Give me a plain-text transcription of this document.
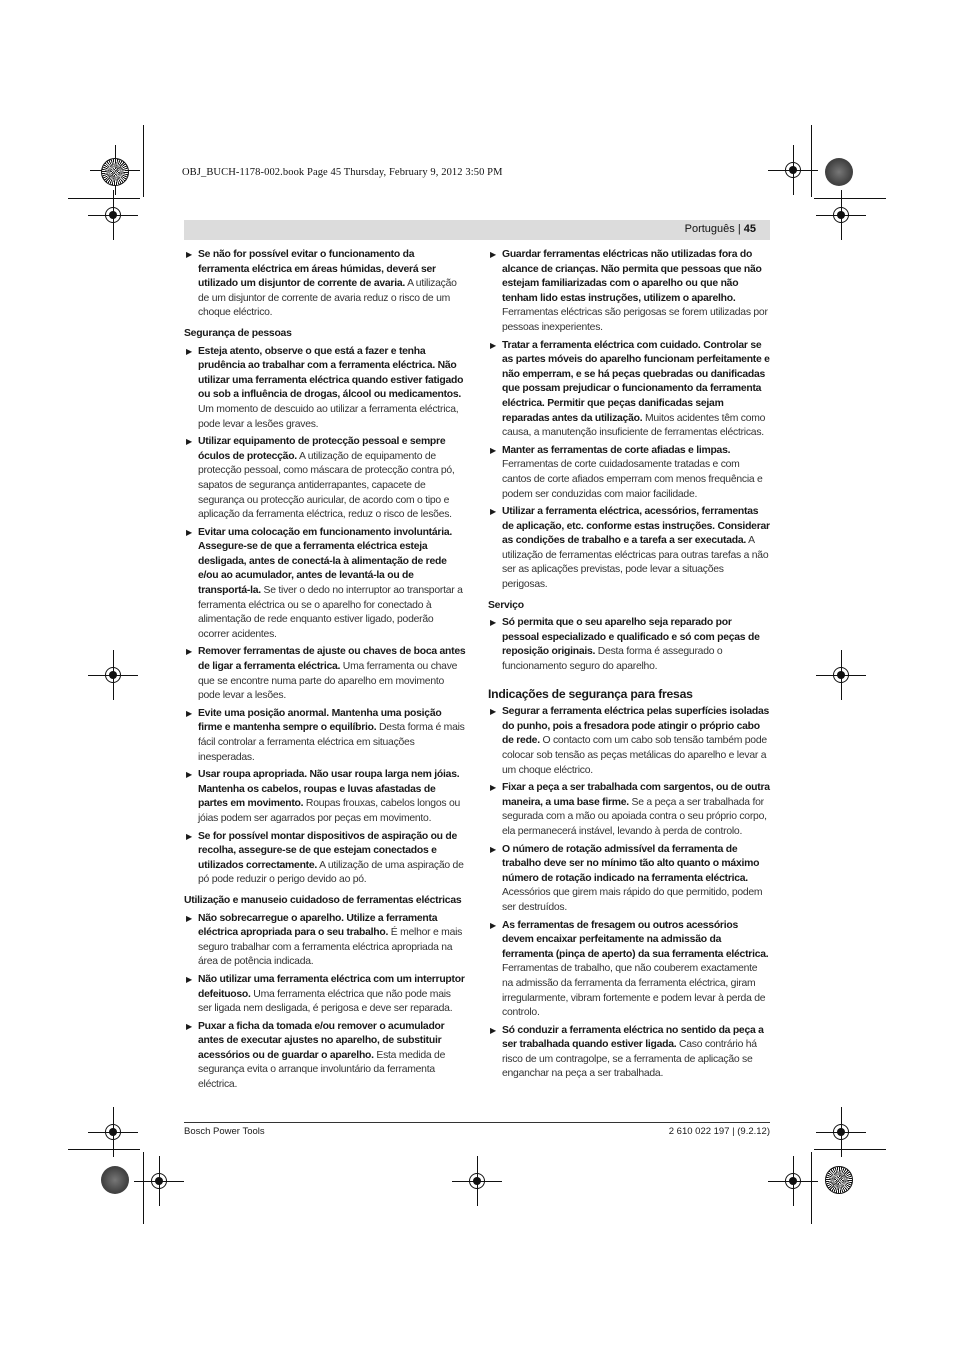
OBJ_BUCH-1178-002.book Page 45 Thursday, February 9, 2012 3:50 PM
Português | 45
▶ Se não for possível evitar o funcionamento da ferramenta eléctrica em áreas húmidas, deverá ser utilizado um disjuntor de corrente de avaria. A utilização de um disjuntor de corrente de avaria reduz o risco de um choque eléctrico.
Segurança de pessoas
▶ Esteja atento, observe o que está a fazer e tenha prudência ao trabalhar com a ferramenta eléctrica. Não utilizar uma ferramenta eléctrica quando estiver fatigado ou sob a influência de drogas, álcool ou medicamentos. Um momento de descuido ao utilizar a ferramenta eléctrica, pode levar a lesões graves.
▶ Utilizar equipamento de protecção pessoal e sempre óculos de protecção. A utilização de equipamento de protecção pessoal, como máscara de protecção contra pó, sapatos de segurança antiderrapantes, capacete de segurança ou protecção auricular, de acordo com o tipo e aplicação da ferramenta eléctrica, reduz o risco de lesões.
▶ Evitar uma colocação em funcionamento involuntária. Assegure-se de que a ferramenta eléctrica esteja desligada, antes de conectá-la à alimentação de rede e/ou ao acumulador, antes de levantá-la ou de transportá-la. Se tiver o dedo no interruptor ao transportar a ferramenta eléctrica ou se o aparelho for conectado à alimentação de rede enquanto estiver ligado, poderão ocorrer acidentes.
▶ Remover ferramentas de ajuste ou chaves de boca antes de ligar a ferramenta eléctrica. Uma ferramenta ou chave que se encontre numa parte do aparelho em movimento pode levar a lesões.
▶ Evite uma posição anormal. Mantenha uma posição firme e mantenha sempre o equilíbrio. Desta forma é mais fácil controlar a ferramenta eléctrica em situações inesperadas.
▶ Usar roupa apropriada. Não usar roupa larga nem jóias. Mantenha os cabelos, roupas e luvas afastadas de partes em movimento. Roupas frouxas, cabelos longos ou jóias podem ser agarrados por peças em movimento.
▶ Se for possível montar dispositivos de aspiração ou de recolha, assegure-se de que estejam conectados e utilizados correctamente. A utilização de uma aspiração de pó pode reduzir o perigo devido ao pó.
Utilização e manuseio cuidadoso de ferramentas eléctricas
▶ Não sobrecarregue o aparelho. Utilize a ferramenta eléctrica apropriada para o seu trabalho. É melhor e mais seguro trabalhar com a ferramenta eléctrica apropriada na área de potência indicada.
▶ Não utilizar uma ferramenta eléctrica com um interruptor defeituoso. Uma ferramenta eléctrica que não pode mais ser ligada nem desligada, é perigosa e deve ser reparada.
▶ Puxar a ficha da tomada e/ou remover o acumulador antes de executar ajustes no aparelho, de substituir acessórios ou de guardar o aparelho. Esta medida de segurança evita o arranque involuntário da ferramenta eléctrica.
▶ Guardar ferramentas eléctricas não utilizadas fora do alcance de crianças. Não permita que pessoas que não estejam familiarizadas com o aparelho ou que não tenham lido estas instruções, utilizem o aparelho. Ferramentas eléctricas são perigosas se forem utilizadas por pessoas inexperientes.
▶ Tratar a ferramenta eléctrica com cuidado. Controlar se as partes móveis do aparelho funcionam perfeitamente e não emperram, e se há peças quebradas ou danificadas que possam prejudicar o funcionamento da ferramenta eléctrica. Permitir que peças danificadas sejam reparadas antes da utilização. Muitos acidentes têm como causa, a manutenção insuficiente de ferramentas eléctricas.
▶ Manter as ferramentas de corte afiadas e limpas. Ferramentas de corte cuidadosamente tratadas e com cantos de corte afiados emperram com menos frequência e podem ser conduzidas com maior facilidade.
▶ Utilizar a ferramenta eléctrica, acessórios, ferramentas de aplicação, etc. conforme estas instruções. Considerar as condições de trabalho e a tarefa a ser executada. A utilização de ferramentas eléctricas para outras tarefas a não ser as aplicações previstas, pode levar a situações perigosas.
Serviço
▶ Só permita que o seu aparelho seja reparado por pessoal especializado e qualificado e só com peças de reposição originais. Desta forma é assegurado o funcionamento seguro do aparelho.
Indicações de segurança para fresas
▶ Segurar a ferramenta eléctrica pelas superfícies isoladas do punho, pois a fresadora pode atingir o próprio cabo de rede. O contacto com um cabo sob tensão também pode colocar sob tensão as peças metálicas do aparelho e levar a um choque eléctrico.
▶ Fixar a peça a ser trabalhada com sargentos, ou de outra maneira, a uma base firme. Se a peça a ser trabalhada for segurada com a mão ou apoiada contra o seu próprio corpo, ela permanecerá instável, levando à perda de controlo.
▶ O número de rotação admissível da ferramenta de trabalho deve ser no mínimo tão alto quanto o máximo número de rotação indicado na ferramenta eléctrica. Acessórios que girem mais rápido do que permitido, podem ser destruídos.
▶ As ferramentas de fresagem ou outros acessórios devem encaixar perfeitamente na admissão da ferramenta (pinça de aperto) da sua ferramenta eléctrica. Ferramentas de trabalho, que não couberem exactamente na admissão da ferramenta da ferramenta eléctrica, giram irregularmente, vibram fortemente e podem levar à perda de controlo.
▶ Só conduzir a ferramenta eléctrica no sentido da peça a ser trabalhada quando estiver ligada. Caso contrário há risco de um contragolpe, se a ferramenta de aplicação se enganchar na peça a ser trabalhada.
Bosch Power Tools	2 610 022 197 | (9.2.12)
